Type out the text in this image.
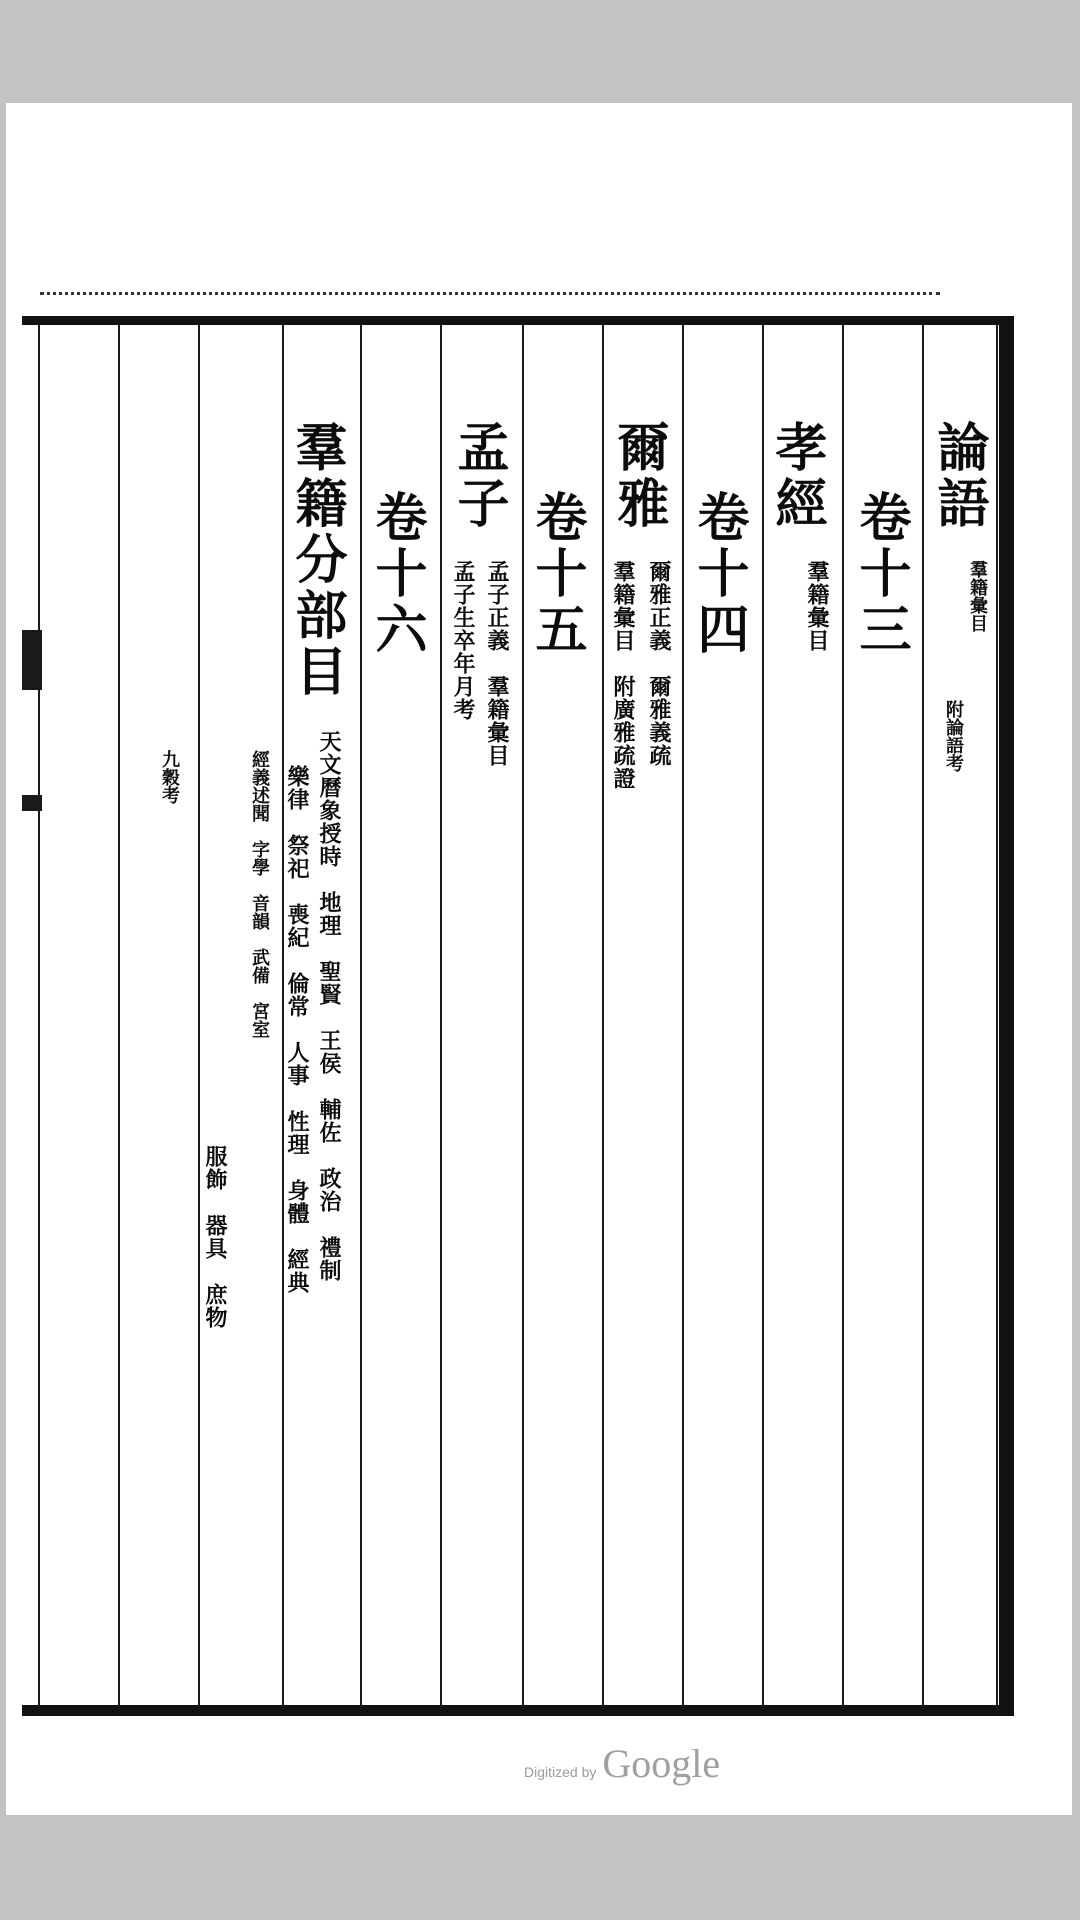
論語
羣籍彙目
附論語考
卷十三
孝經
羣籍彙目
卷十四
爾雅
爾雅正義　爾雅義疏
羣籍彙目　附廣雅疏證
卷十五
孟子
孟子正義　羣籍彙目
孟子生卒年月考
卷十六
羣籍分部目
天文曆象授時　地理　聖賢　王侯　輔佐　政治　禮制
樂律　祭祀　喪紀　倫常　人事　性理　身體　經典
經義述聞　字學　音韻　武備　宮室
服飾　器具　庶物
九穀考
Digitized by Google
